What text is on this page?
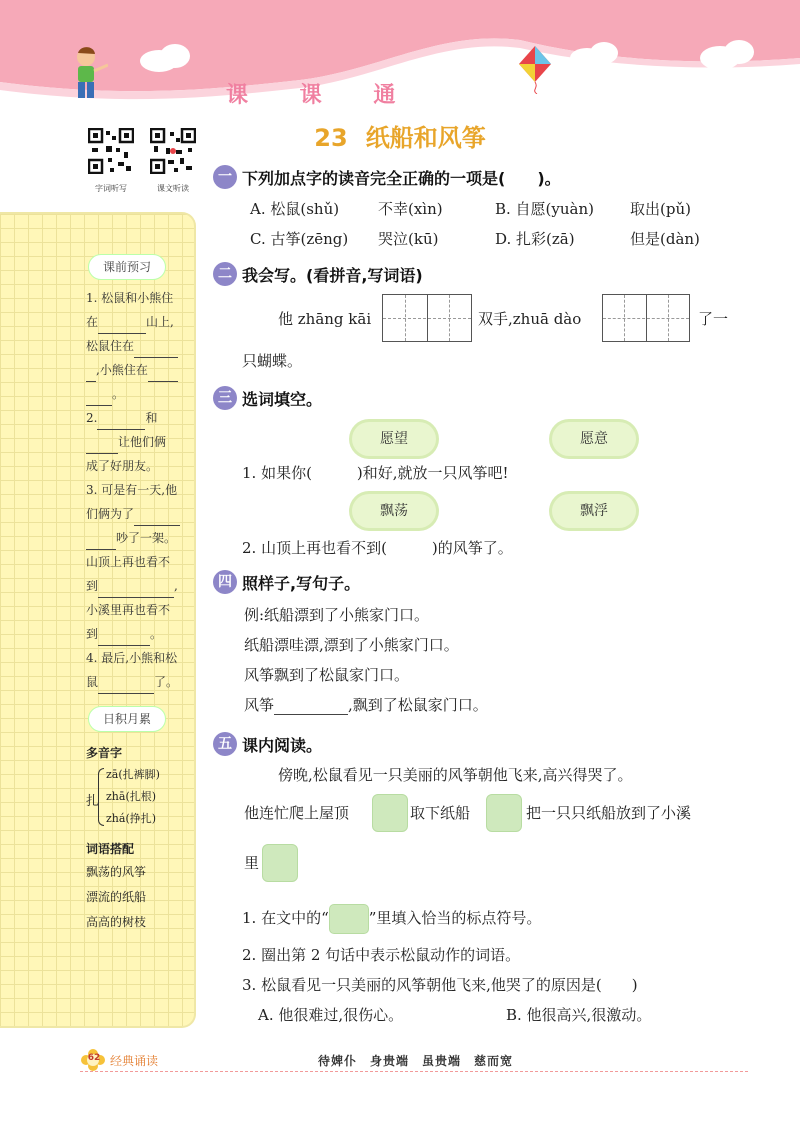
课 课 通
字词听写	课文听读
23 纸船和风筝
课前预习
1. 松鼠和小熊住
在	山上,
松鼠住在
,小熊住在
。
2.	和
让他们俩
成了好朋友。
3. 可是有一天,他
们俩为了
吵了一架。
山顶上再也看不
到	,
小溪里再也看不
到	。
4. 最后,小熊和松
鼠	了。
日积月累
多音字
扎
zā(扎裤脚)
zhā(扎根)
zhá(挣扎)
词语搭配
飘荡的风筝
漂流的纸船
高高的树枝
一 下列加点字的读音完全正确的一项是(　　)。
A. 松鼠(shǔ)	不幸(xìn)	B. 自愿(yuàn) 取出(pǔ)
C. 古筝(zēng) 哭泣(kū)	D. 扎彩(zā)	但是(dàn)
二 我会写。(看拼音,写词语)
他 zhāng kāi	双手,zhuā dào	了一
只蝴蝶。
三 选词填空。
愿望	愿意
1. 如果你(　　　)和好,就放一只风筝吧!
飘荡	飘浮
2. 山顶上再也看不到(　　　)的风筝了。
四 照样子,写句子。
例:纸船漂到了小熊家门口。
纸船漂哇漂,漂到了小熊家门口。
风筝飘到了松鼠家门口。
风筝	,飘到了松鼠家门口。
五 课内阅读。
傍晚,松鼠看见一只美丽的风筝朝他飞来,高兴得哭了。
他连忙爬上屋顶	取下纸船	把一只只纸船放到了小溪
里
1. 在文中的“	”里填入恰当的标点符号。
2. 圈出第 2 句话中表示松鼠动作的词语。
3. 松鼠看见一只美丽的风筝朝他飞来,他哭了的原因是(　　)
A. 他很难过,很伤心。	B. 他很高兴,很激动。
62 经典诵读	待婢仆　身贵端　虽贵端　慈而宽
